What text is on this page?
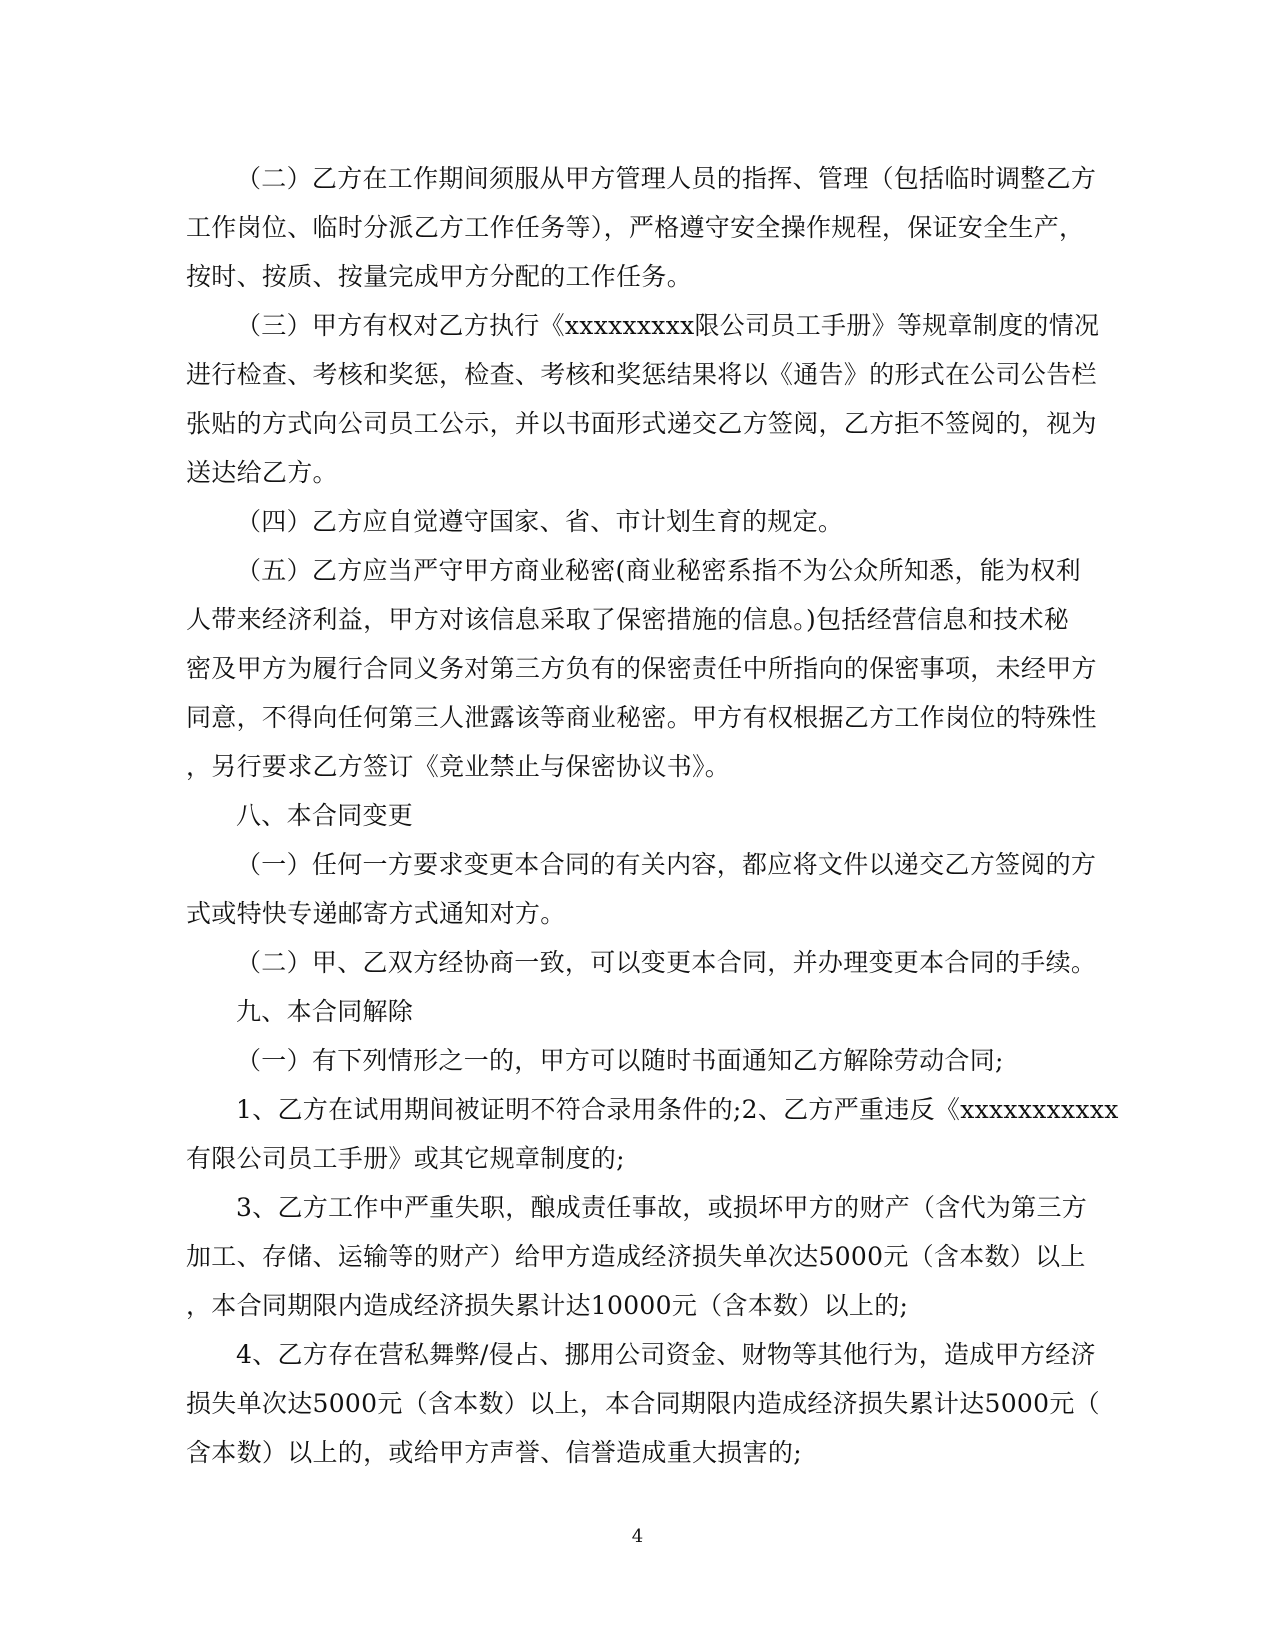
（二）乙方在工作期间须服从甲方管理人员的指挥、管理（包括临时调整乙方
工作岗位、临时分派乙方工作任务等），严格遵守安全操作规程，保证安全生产，
按时、按质、按量完成甲方分配的工作任务。
（三）甲方有权对乙方执行《xxxxxxxxx限公司员工手册》等规章制度的情况
进行检查、考核和奖惩，检查、考核和奖惩结果将以《通告》的形式在公司公告栏
张贴的方式向公司员工公示，并以书面形式递交乙方签阅，乙方拒不签阅的，视为
送达给乙方。
（四）乙方应自觉遵守国家、省、市计划生育的规定。
（五）乙方应当严守甲方商业秘密(商业秘密系指不为公众所知悉，能为权利
人带来经济利益，甲方对该信息采取了保密措施的信息。)包括经营信息和技术秘
密及甲方为履行合同义务对第三方负有的保密责任中所指向的保密事项，未经甲方
同意，不得向任何第三人泄露该等商业秘密。甲方有权根据乙方工作岗位的特殊性
，另行要求乙方签订《竞业禁止与保密协议书》。
八、本合同变更
（一）任何一方要求变更本合同的有关内容，都应将文件以递交乙方签阅的方
式或特快专递邮寄方式通知对方。
（二）甲、乙双方经协商一致，可以变更本合同，并办理变更本合同的手续。
九、本合同解除
（一）有下列情形之一的，甲方可以随时书面通知乙方解除劳动合同;
1、乙方在试用期间被证明不符合录用条件的;2、乙方严重违反《xxxxxxxxxxx
有限公司员工手册》或其它规章制度的;
3、乙方工作中严重失职，酿成责任事故，或损坏甲方的财产（含代为第三方
加工、存储、运输等的财产）给甲方造成经济损失单次达5000元（含本数）以上
，本合同期限内造成经济损失累计达10000元（含本数）以上的;
4、乙方存在营私舞弊/侵占、挪用公司资金、财物等其他行为，造成甲方经济
损失单次达5000元（含本数）以上，本合同期限内造成经济损失累计达5000元（
含本数）以上的，或给甲方声誉、信誉造成重大损害的;
4
